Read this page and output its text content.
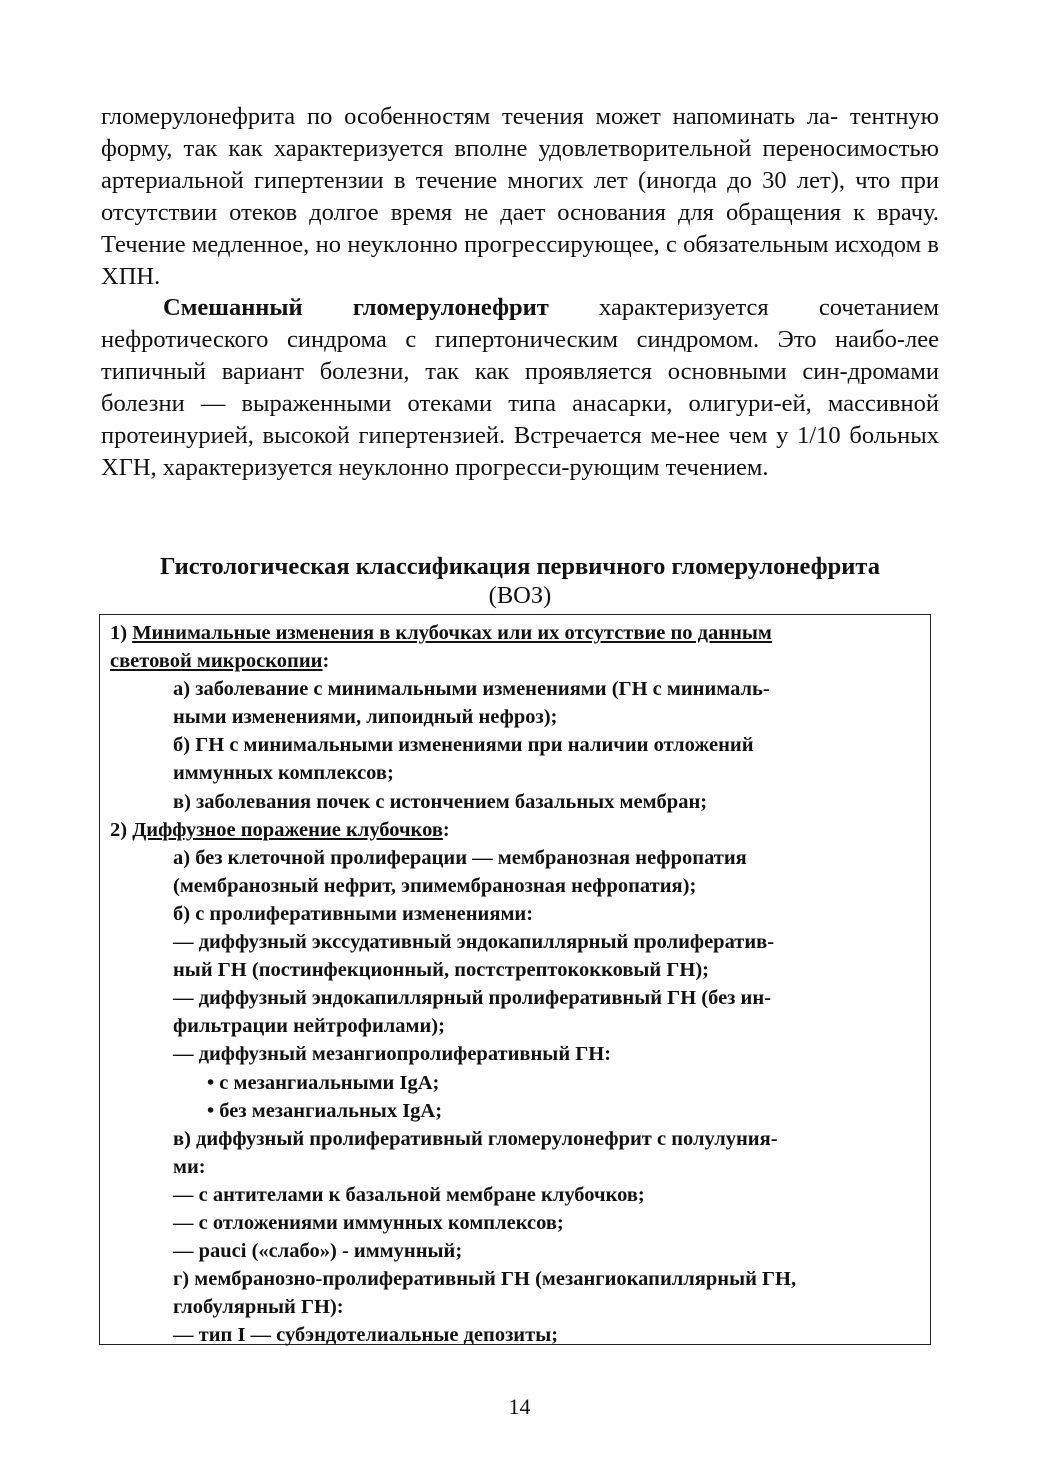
гломерулонефрита по особенностям течения может напоминать ла- тентную форму, так как характеризуется вполне удовлетворительной переносимостью артериальной гипертензии в течение многих лет (иногда до 30 лет), что при отсутствии отеков долгое время не дает основания для обращения к врачу. Течение медленное, но неуклонно прогрессирующее, с обязательным исходом в ХПН.

Смешанный гломерулонефрит характеризуется сочетанием нефротического синдрома с гипертоническим синдромом. Это наибо-лее типичный вариант болезни, так как проявляется основными син-дромами болезни — выраженными отеками типа анасарки, олигури-ей, массивной протеинурией, высокой гипертензией. Встречается ме-нее чем у 1/10 больных ХГН, характеризуется неуклонно прогресси-рующим течением.

Гистологическая классификация первичного гломерулонефрита
(ВОЗ)
1) Минимальные изменения в клубочках или их отсутствие по данным
световой микроскопии:
а) заболевание с минимальными изменениями (ГН с минималь-
ными изменениями, липоидный нефроз);
б) ГН с минимальными изменениями при наличии отложений
иммунных комплексов;
в) заболевания почек с истончением базальных мембран;
2) Диффузное поражение клубочков:
а) без клеточной пролиферации — мембранозная нефропатия
(мембранозный нефрит, эпимембранозная нефропатия);
б) с пролиферативными изменениями:
— диффузный экссудативный эндокапиллярный пролифератив-
ный ГН (постинфекционный, постстрептококковый ГН);
— диффузный эндокапиллярный пролиферативный ГН (без ин-
фильтрации нейтрофилами);
— диффузный мезангиопролиферативный ГН:
• с мезангиальными IgA;
• без мезангиальных IgA;
в) диффузный пролиферативный гломерулонефрит с полулуния-
ми:
— с антителами к базальной мембране клубочков;
— с отложениями иммунных комплексов;
— pauci («слабо») - иммунный;
г) мембранозно-пролиферативный ГН (мезангиокапиллярный ГН,
глобулярный ГН):
— тип I — субэндотелиальные депозиты;
14
